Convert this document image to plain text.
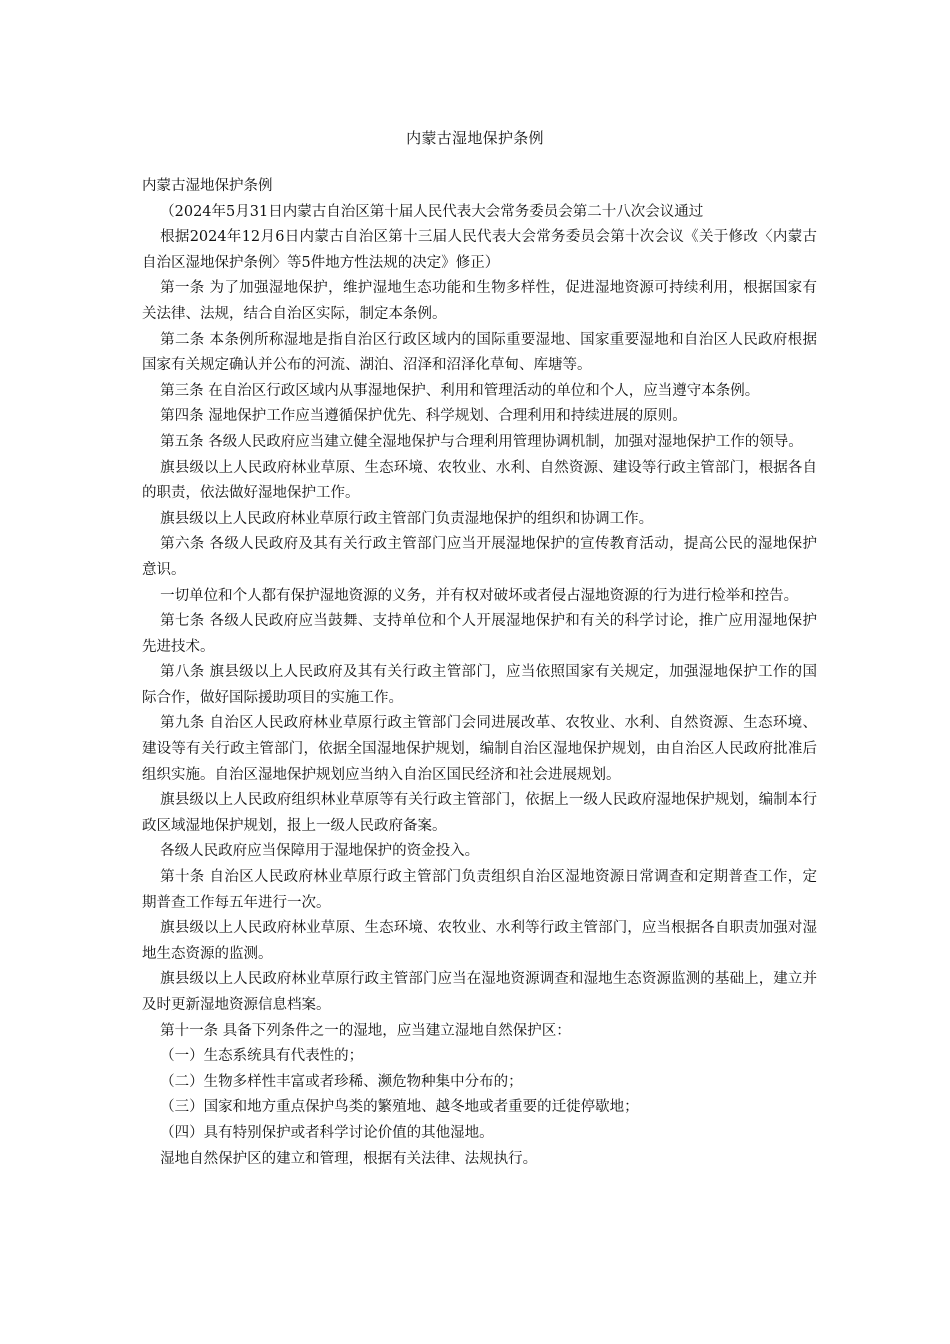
内蒙古湿地保护条例

内蒙古湿地保护条例

（2024年5月31日内蒙古自治区第十届人民代表大会常务委员会第二十八次会议通过

根据2024年12月6日内蒙古自治区第十三届人民代表大会常务委员会第十次会议《关于修改〈内蒙古自治区湿地保护条例〉等5件地方性法规的决定》修正）

第一条 为了加强湿地保护，维护湿地生态功能和生物多样性，促进湿地资源可持续利用，根据国家有关法律、法规，结合自治区实际，制定本条例。

第二条 本条例所称湿地是指自治区行政区域内的国际重要湿地、国家重要湿地和自治区人民政府根据国家有关规定确认并公布的河流、湖泊、沼泽和沼泽化草甸、库塘等。

第三条 在自治区行政区域内从事湿地保护、利用和管理活动的单位和个人，应当遵守本条例。

第四条 湿地保护工作应当遵循保护优先、科学规划、合理利用和持续进展的原则。

第五条 各级人民政府应当建立健全湿地保护与合理利用管理协调机制，加强对湿地保护工作的领导。

旗县级以上人民政府林业草原、生态环境、农牧业、水利、自然资源、建设等行政主管部门，根据各自的职责，依法做好湿地保护工作。

旗县级以上人民政府林业草原行政主管部门负责湿地保护的组织和协调工作。

第六条 各级人民政府及其有关行政主管部门应当开展湿地保护的宣传教育活动，提高公民的湿地保护意识。

一切单位和个人都有保护湿地资源的义务，并有权对破坏或者侵占湿地资源的行为进行检举和控告。

第七条 各级人民政府应当鼓舞、支持单位和个人开展湿地保护和有关的科学讨论，推广应用湿地保护先进技术。

第八条 旗县级以上人民政府及其有关行政主管部门，应当依照国家有关规定，加强湿地保护工作的国际合作，做好国际援助项目的实施工作。

第九条 自治区人民政府林业草原行政主管部门会同进展改革、农牧业、水利、自然资源、生态环境、建设等有关行政主管部门，依据全国湿地保护规划，编制自治区湿地保护规划，由自治区人民政府批准后组织实施。自治区湿地保护规划应当纳入自治区国民经济和社会进展规划。

旗县级以上人民政府组织林业草原等有关行政主管部门，依据上一级人民政府湿地保护规划，编制本行政区域湿地保护规划，报上一级人民政府备案。

各级人民政府应当保障用于湿地保护的资金投入。

第十条 自治区人民政府林业草原行政主管部门负责组织自治区湿地资源日常调查和定期普查工作，定期普查工作每五年进行一次。

旗县级以上人民政府林业草原、生态环境、农牧业、水利等行政主管部门，应当根据各自职责加强对湿地生态资源的监测。

旗县级以上人民政府林业草原行政主管部门应当在湿地资源调查和湿地生态资源监测的基础上，建立并及时更新湿地资源信息档案。

第十一条 具备下列条件之一的湿地，应当建立湿地自然保护区：

（一）生态系统具有代表性的；

（二）生物多样性丰富或者珍稀、濒危物种集中分布的；

（三）国家和地方重点保护鸟类的繁殖地、越冬地或者重要的迁徙停歇地；

（四）具有特别保护或者科学讨论价值的其他湿地。

湿地自然保护区的建立和管理，根据有关法律、法规执行。
